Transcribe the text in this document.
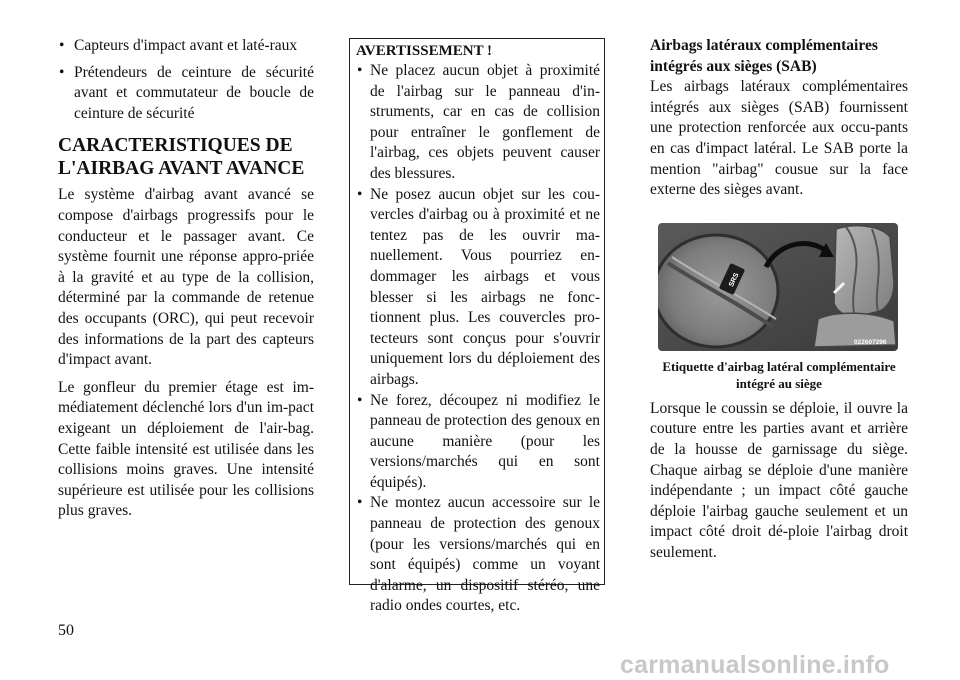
• Capteurs d'impact avant et laté-raux
• Prétendeurs de ceinture de sécurité avant et commutateur de boucle de ceinture de sécurité
CARACTERISTIQUES DE L'AIRBAG AVANT AVANCE

Le système d'airbag avant avancé se compose d'airbags progressifs pour le conducteur et le passager avant. Ce système fournit une réponse appro-priée à la gravité et au type de la collision, déterminé par la commande de retenue des occupants (ORC), qui peut recevoir des informations de la part des capteurs d'impact avant.

Le gonfleur du premier étage est im-médiatement déclenché lors d'un im-pact exigeant un déploiement de l'air-bag. Cette faible intensité est utilisée dans les collisions moins graves. Une intensité supérieure est utilisée pour les collisions plus graves.

AVERTISSEMENT !
• Ne placez aucun objet à proximité de l'airbag sur le panneau d'in-struments, car en cas de collision pour entraîner le gonflement de l'airbag, ces objets peuvent causer des blessures.
• Ne posez aucun objet sur les cou-vercles d'airbag ou à proximité et ne tentez pas de les ouvrir ma-nuellement. Vous pourriez en-dommager les airbags et vous blesser si les airbags ne fonc-tionnent plus. Les couvercles pro-tecteurs sont conçus pour s'ouvrir uniquement lors du déploiement des airbags.
• Ne forez, découpez ni modifiez le panneau de protection des genoux en aucune manière (pour les versions/marchés qui en sont équipés).
• Ne montez aucun accessoire sur le panneau de protection des genoux (pour les versions/marchés qui en sont équipés) comme un voyant d'alarme, un dispositif stéréo, une radio ondes courtes, etc.
Airbags latéraux complémentaires intégrés aux sièges (SAB)

Les airbags latéraux complémentaires intégrés aux sièges (SAB) fournissent une protection renforcée aux occu-pants en cas d'impact latéral. Le SAB porte la mention "airbag" cousue sur la face externe des sièges avant.

SRS
022607296
Etiquette d'airbag latéral complémentaire intégré au siège

Lorsque le coussin se déploie, il ouvre la couture entre les parties avant et arrière de la housse de garnissage du siège. Chaque airbag se déploie d'une manière indépendante ; un impact côté gauche déploie l'airbag gauche seulement et un impact côté droit dé-ploie l'airbag droit seulement.

50
carmanualsonline.info
